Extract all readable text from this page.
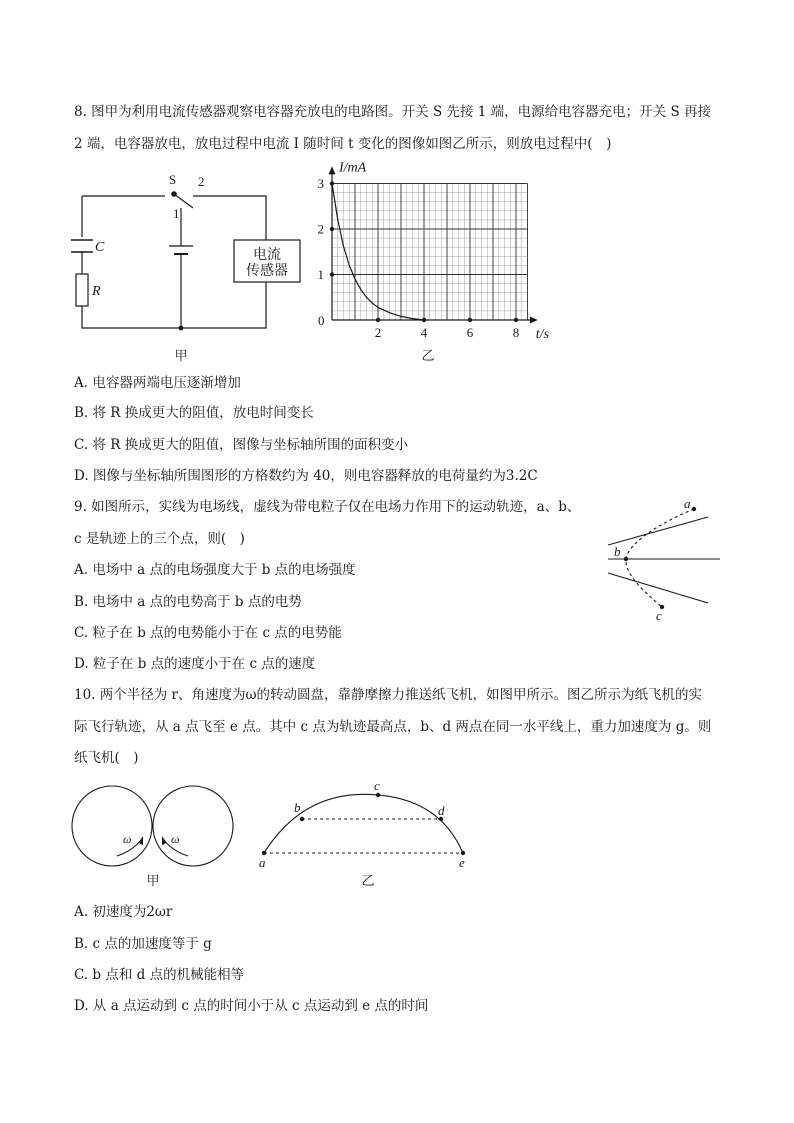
8. 图甲为利用电流传感器观察电容器充放电的电路图。开关 S 先接 1 端，电源给电容器充电；开关 S 再接
2 端，电容器放电，放电过程中电流 I 随时间 t 变化的图像如图乙所示，则放电过程中(　)
S 2
1
C
R
电流
传感器
甲
2	4	6	8
1
2
3
I/mA
t/s
0
乙
A. 电容器两端电压逐渐增加
B. 将 R 换成更大的阻值，放电时间变长
C. 将 R 换成更大的阻值，图像与坐标轴所围的面积变小
D. 图像与坐标轴所围图形的方格数约为 40，则电容器释放的电荷量约为3.2C
9. 如图所示，实线为电场线，虚线为带电粒子仅在电场力作用下的运动轨迹，a、b、
c 是轨迹上的三个点，则(　)
a
b
c
A. 电场中 a 点的电场强度大于 b 点的电场强度
B. 电场中 a 点的电势高于 b 点的电势
C. 粒子在 b 点的电势能小于在 c 点的电势能
D. 粒子在 b 点的速度小于在 c 点的速度
10. 两个半径为 r、角速度为ω的转动圆盘，靠静摩擦力推送纸飞机，如图甲所示。图乙所示为纸飞机的实
际飞行轨迹，从 a 点飞至 e 点。其中 c 点为轨迹最高点，b、d 两点在同一水平线上，重力加速度为 g。则
纸飞机(　)
ω	ω
甲
a
b
c
d
e
乙
A. 初速度为2ωr
B. c 点的加速度等于 g
C. b 点和 d 点的机械能相等
D. 从 a 点运动到 c 点的时间小于从 c 点运动到 e 点的时间
